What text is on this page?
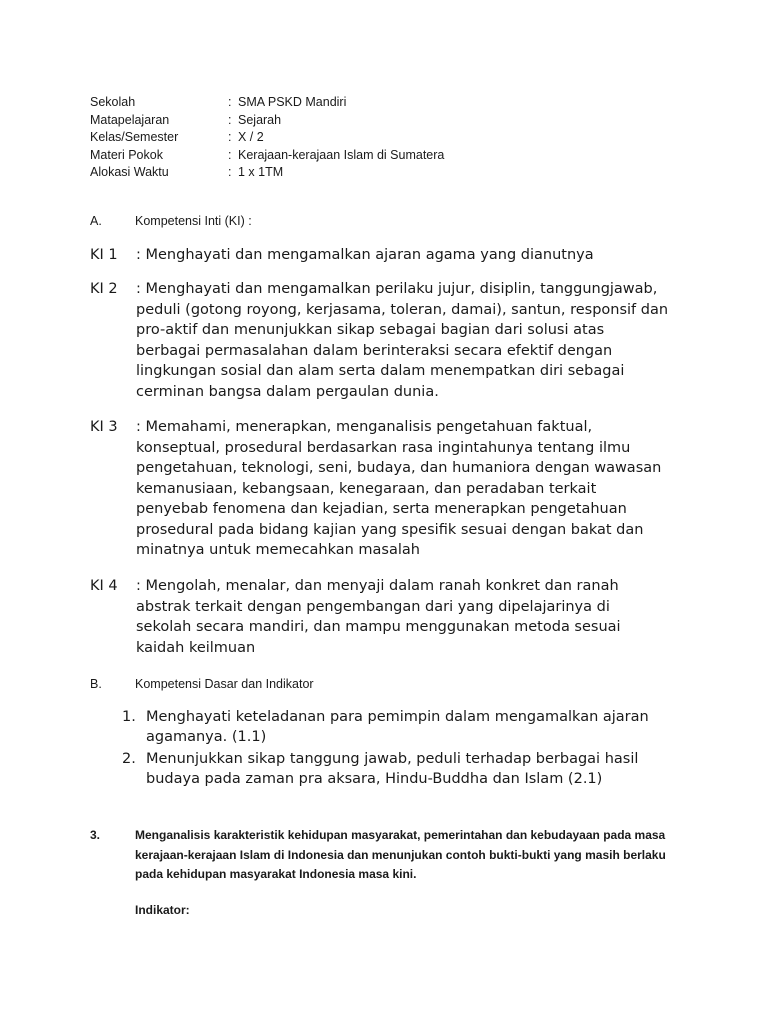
Sekolah	: SMA PSKD Mandiri
Matapelajaran	: Sejarah
Kelas/Semester	: X / 2
Materi Pokok	: Kerajaan-kerajaan Islam di Sumatera
Alokasi Waktu	: 1 x 1TM
A.	Kompetensi Inti (KI) :
KI 1 : Menghayati dan mengamalkan ajaran agama yang dianutnya
KI 2 : Menghayati dan mengamalkan perilaku jujur, disiplin, tanggungjawab,
peduli (gotong royong, kerjasama, toleran, damai), santun, responsif dan
pro-aktif dan menunjukkan sikap sebagai bagian dari solusi atas
berbagai permasalahan dalam berinteraksi secara efektif dengan
lingkungan sosial dan alam serta dalam menempatkan diri sebagai
cerminan bangsa dalam pergaulan dunia.
KI 3 : Memahami, menerapkan, menganalisis pengetahuan faktual,
konseptual, prosedural berdasarkan rasa ingintahunya tentang ilmu
pengetahuan, teknologi, seni, budaya, dan humaniora dengan wawasan
kemanusiaan, kebangsaan, kenegaraan, dan peradaban terkait
penyebab fenomena dan kejadian, serta menerapkan pengetahuan
prosedural pada bidang kajian yang spesifik sesuai dengan bakat dan
minatnya untuk memecahkan masalah
KI 4 : Mengolah, menalar, dan menyaji dalam ranah konkret dan ranah
abstrak terkait dengan pengembangan dari yang dipelajarinya di
sekolah secara mandiri, dan mampu menggunakan metoda sesuai
kaidah keilmuan
B.	Kompetensi Dasar dan Indikator
1. Menghayati keteladanan para pemimpin dalam mengamalkan ajaran
agamanya. (1.1)
2. Menunjukkan sikap tanggung jawab, peduli terhadap berbagai hasil
budaya pada zaman pra aksara, Hindu-Buddha dan Islam (2.1)
3.	Menganalisis karakteristik kehidupan masyarakat, pemerintahan dan kebudayaan pada masa
kerajaan-kerajaan Islam di Indonesia dan menunjukan contoh bukti-bukti yang masih berlaku
pada kehidupan masyarakat Indonesia masa kini.
Indikator:
